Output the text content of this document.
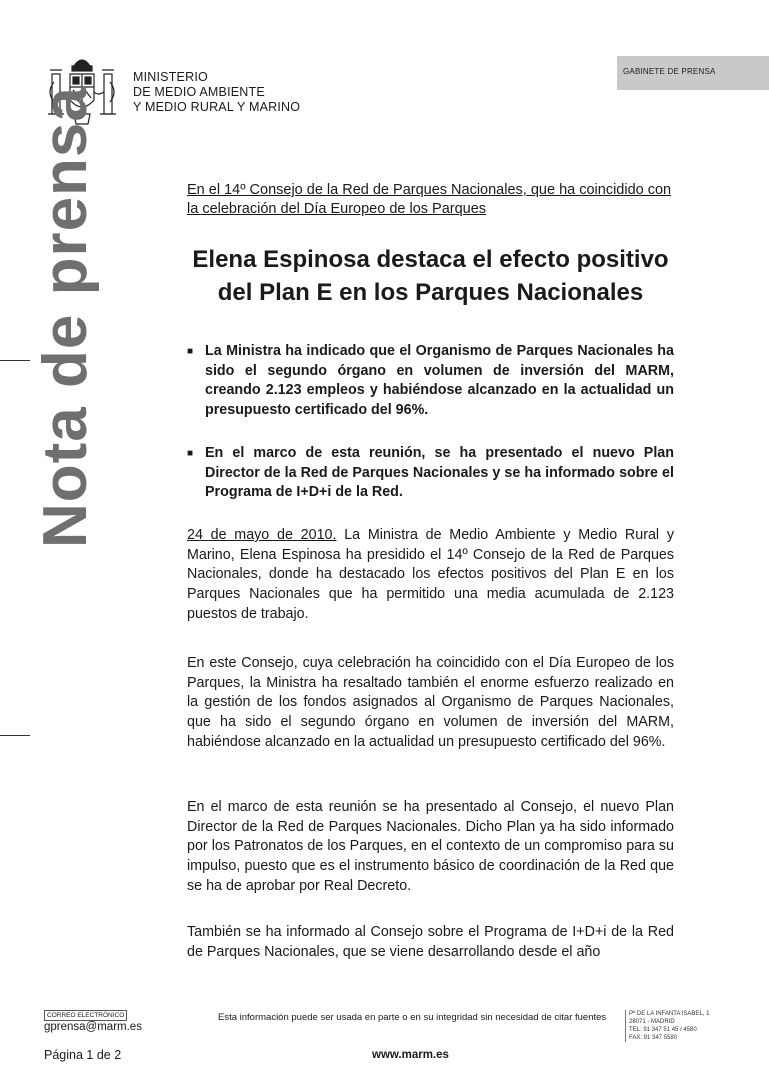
MINISTERIO
DE MEDIO AMBIENTE
Y MEDIO RURAL Y MARINO
GABINETE DE PRENSA
Nota de prensa	En el 14º Consejo de la Red de Parques Nacionales, que ha coincidido con la celebración del Día Europeo de los Parques
Elena Espinosa destaca el efecto positivo
del Plan E en los Parques Nacionales
■ La Ministra ha indicado que el Organismo de Parques Nacionales ha sido el segundo órgano en volumen de inversión del MARM, creando 2.123 empleos y habiéndose alcanzado en la actualidad un presupuesto certificado del 96%.
■ En el marco de esta reunión, se ha presentado el nuevo Plan Director de la Red de Parques Nacionales y se ha informado sobre el Programa de I+D+i de la Red.
24 de mayo de 2010. La Ministra de Medio Ambiente y Medio Rural y Marino, Elena Espinosa ha presidido el 14º Consejo de la Red de Parques Nacionales, donde ha destacado los efectos positivos del Plan E en los Parques Nacionales que ha permitido una media acumulada de 2.123 puestos de trabajo.
En este Consejo, cuya celebración ha coincidido con el Día Europeo de los Parques, la Ministra ha resaltado también el enorme esfuerzo realizado en la gestión de los fondos asignados al Organismo de Parques Nacionales, que ha sido el segundo órgano en volumen de inversión del MARM, habiéndose alcanzado en la actualidad un presupuesto certificado del 96%.
En el marco de esta reunión se ha presentado al Consejo, el nuevo Plan Director de la Red de Parques Nacionales. Dicho Plan ya ha sido informado por los Patronatos de los Parques, en el contexto de un compromiso para su impulso, puesto que es el instrumento básico de coordinación de la Red que se ha de aprobar por Real Decreto.
También se ha informado al Consejo sobre el Programa de I+D+i de la Red de Parques Nacionales, que se viene desarrollando desde el año
CORREO ELECTRÓNICO
gprensa@marm.es
Esta información puede ser usada en parte o en su integridad sin necesidad de citar fuentes	Pº DE LA INFANTA ISABEL, 1
28071 - MADRID
TEL: 91 347 51 45 / 4580
FAX: 91 347 5580
Página 1 de 2	www.marm.es
